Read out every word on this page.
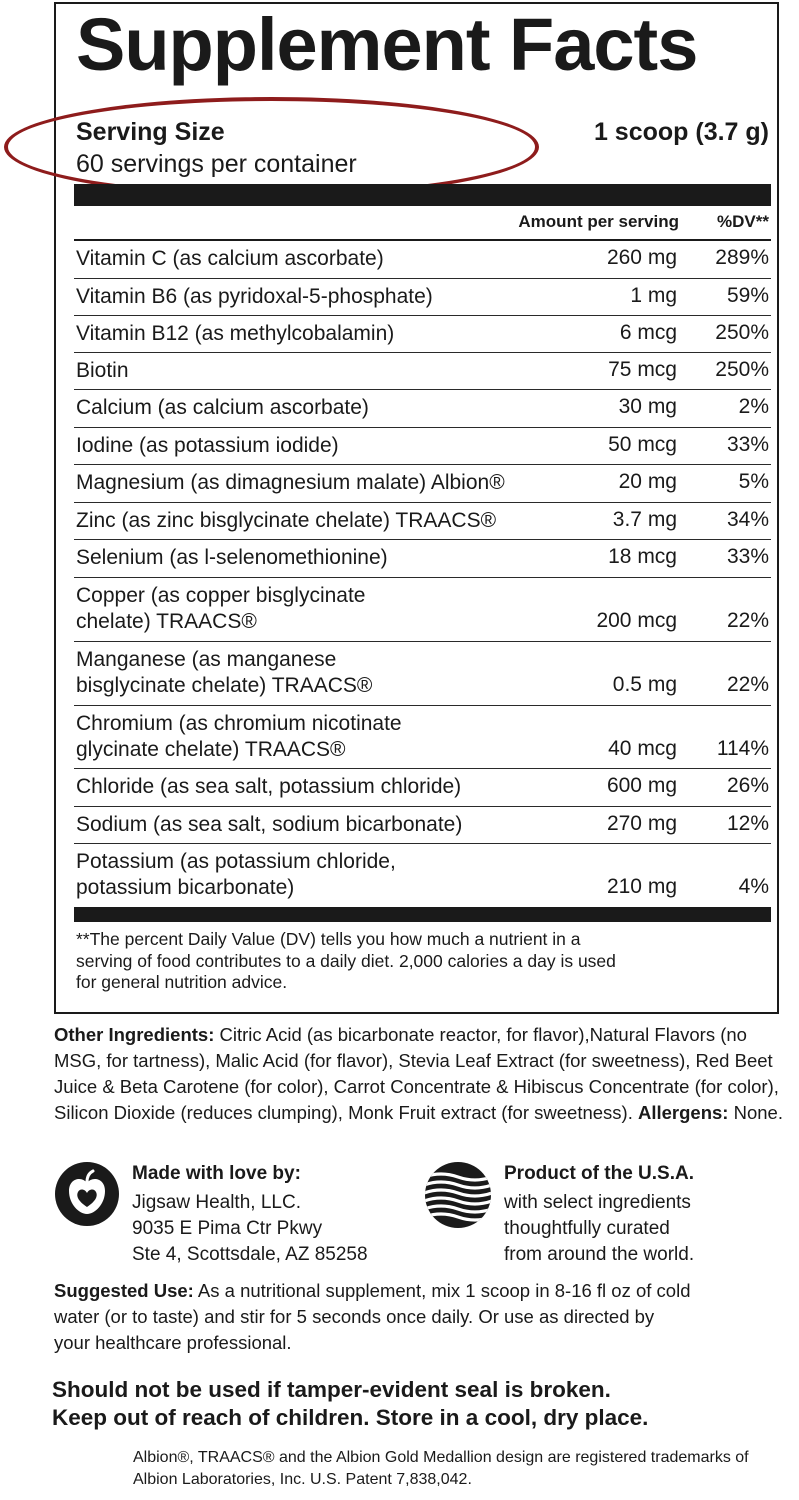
Supplement Facts
Serving Size	1 scoop (3.7 g)
60 servings per container
Amount per serving %DV**
Vitamin C (as calcium ascorbate)	260 mg 289%
Vitamin B6 (as pyridoxal-5-phosphate)	1 mg 59%
Vitamin B12 (as methylcobalamin)	6 mcg 250%
Biotin	75 mcg 250%
Calcium (as calcium ascorbate)	30 mg	2%
Iodine (as potassium iodide)	50 mcg 33%
Magnesium (as dimagnesium malate) Albion®	20 mg	5%
Zinc (as zinc bisglycinate chelate) TRAACS®	3.7 mg 34%
Selenium (as l-selenomethionine)	18 mcg 33%
Copper (as copper bisglycinate
chelate) TRAACS®	200 mcg 22%
Manganese (as manganese
bisglycinate chelate) TRAACS®	0.5 mg 22%
Chromium (as chromium nicotinate
glycinate chelate) TRAACS®	40 mcg 114%
Chloride (as sea salt, potassium chloride)	600 mg 26%
Sodium (as sea salt, sodium bicarbonate)	270 mg 12%
Potassium (as potassium chloride,
potassium bicarbonate)	210 mg	4%
**The percent Daily Value (DV) tells you how much a nutrient in a serving of food contributes to a daily diet. 2,000 calories a day is used for general nutrition advice.
Other Ingredients: Citric Acid (as bicarbonate reactor, for flavor),Natural Flavors (no MSG, for tartness), Malic Acid (for flavor), Stevia Leaf Extract (for sweetness), Red Beet Juice & Beta Carotene (for color), Carrot Concentrate & Hibiscus Concentrate (for color), Silicon Dioxide (reduces clumping), Monk Fruit extract (for sweetness). Allergens: None.
Made with love by:
Jigsaw Health, LLC.
9035 E Pima Ctr Pkwy
Ste 4, Scottsdale, AZ 85258
Product of the U.S.A.
with select ingredients
thoughtfully curated
from around the world.
Suggested Use: As a nutritional supplement, mix 1 scoop in 8-16 fl oz of cold water (or to taste) and stir for 5 seconds once daily. Or use as directed by your healthcare professional.
Should not be used if tamper-evident seal is broken.
Keep out of reach of children. Store in a cool, dry place.
Albion®, TRAACS® and the Albion Gold Medallion design are registered trademarks of Albion Laboratories, Inc. U.S. Patent 7,838,042.
